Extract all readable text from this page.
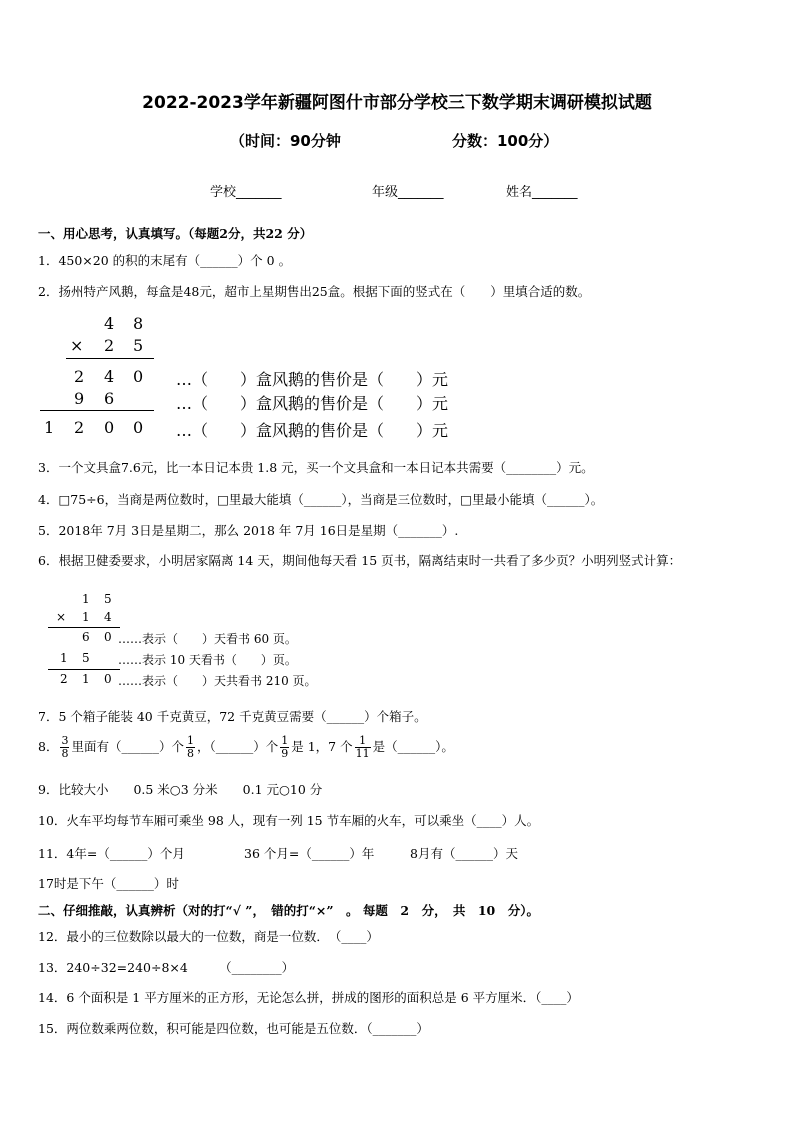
2022-2023学年新疆阿图什市部分学校三下数学期末调研模拟试题
（时间：90分钟	分数：100分）
学校_______	年级_______	姓名_______
一、用心思考，认真填写。（每题2分，共22 分）
1．450×20 的积的末尾有（______）个 0 。
2．扬州特产风鹅，每盒是48元，超市上星期售出25盒。根据下面的竖式在（　　）里填合适的数。
4 8
× 2 5
2 4 0
9 6
1 2 0 0
…（　　）盒风鹅的售价是（　　）元
…（　　）盒风鹅的售价是（　　）元
…（　　）盒风鹅的售价是（　　）元
3．一个文具盒7.6元，比一本日记本贵 1.8 元，买一个文具盒和一本日记本共需要（________）元。
4．□75÷6，当商是两位数时，□里最大能填（______），当商是三位数时，□里最小能填（______）。
5．2018年 7月 3日是星期二，那么 2018 年 7月 16日是星期（_______）.
6．根据卫健委要求，小明居家隔离 14 天，期间他每天看 15 页书，隔离结束时一共看了多少页？小明列竖式计算：
1 5
× 1 4
6 0
1 5
2 1 0
……表示（　　）天看书 60 页。
……表示 10 天看书（　　）页。
……表示（　　）天共看书 210 页。
7．5 个箱子能装 40 千克黄豆，72 千克黄豆需要（______）个箱子。
8． $\frac{3}{8}$ 里面有（______）个 $\frac{1}{8}$ ，（______）个 $\frac{1}{9}$ 是 1，7 个 $\frac{1}{11}$ 是（______）。
9．比较大小　　0.5 米○3 分米　　0.1 元○10 分
10．火车平均每节车厢可乘坐 98 人，现有一列 15 节车厢的火车，可以乘坐（____）人。
11．4年=（______）个月	36 个月=（______）年	8月有（______）天
17时是下午（______）时
二、仔细推敲，认真辨析（对的打“√ ”，　错的打“×”　。 每题　2　分，　共　10　分）。
12．最小的三位数除以最大的一位数，商是一位数．　（____）
13．240÷32=240÷8×4　　　（________）
14．6 个面积是 1 平方厘米的正方形，无论怎么拼，拼成的图形的面积总是 6 平方厘米．（____）
15．两位数乘两位数，积可能是四位数，也可能是五位数．（_______）
